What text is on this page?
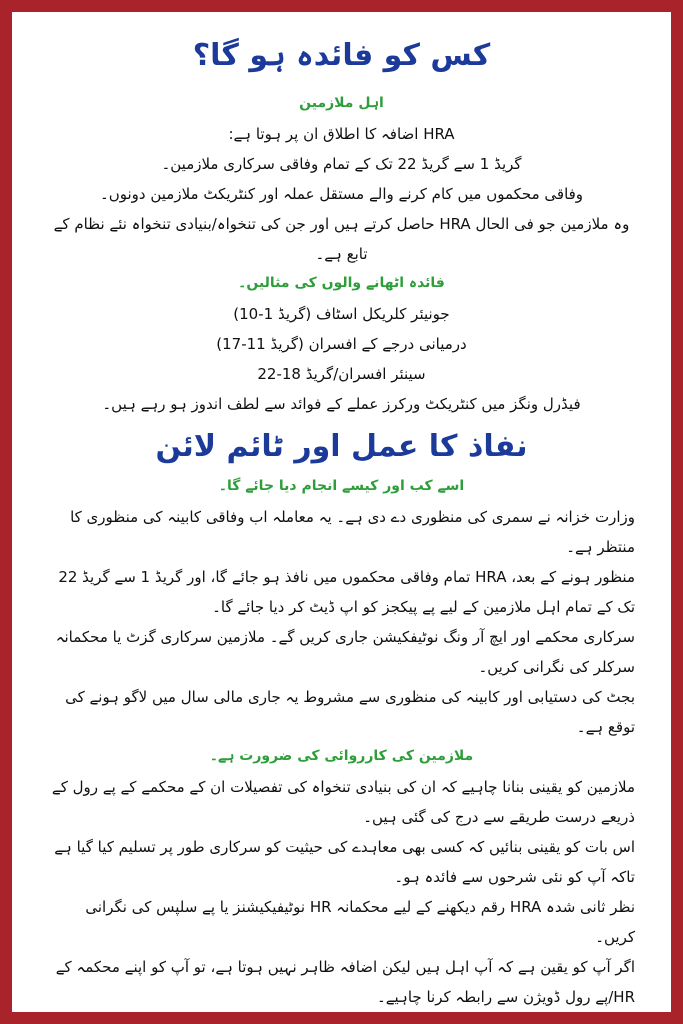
کس کو فائدہ ہو گا؟
اہل ملازمین

HRA اضافہ کا اطلاق ان پر ہوتا ہے:

گریڈ 1 سے گریڈ 22 تک کے تمام وفاقی سرکاری ملازمین۔

وفاقی محکموں میں کام کرنے والے مستقل عملہ اور کنٹریکٹ ملازمین دونوں۔

وہ ملازمین جو فی الحال HRA حاصل کرتے ہیں اور جن کی تنخواہ/بنیادی تنخواہ نئے نظام کے تابع ہے۔

فائدہ اٹھانے والوں کی مثالیں۔

جونیئر کلریکل اسٹاف (گریڈ 1-10)

درمیانی درجے کے افسران (گریڈ 11-17)

سینئر افسران/گریڈ 18-22

فیڈرل ونگز میں کنٹریکٹ ورکرز عملے کے فوائد سے لطف اندوز ہو رہے ہیں۔

نفاذ کا عمل اور ٹائم لائن
اسے کب اور کیسے انجام دیا جائے گا۔

وزارت خزانہ نے سمری کی منظوری دے دی ہے۔ یہ معاملہ اب وفاقی کابینہ کی منظوری کا منتظر ہے۔

منظور ہونے کے بعد، HRA تمام وفاقی محکموں میں نافذ ہو جائے گا، اور گریڈ 1 سے گریڈ 22 تک کے تمام اہل ملازمین کے لیے پے پیکجز کو اپ ڈیٹ کر دیا جائے گا۔

سرکاری محکمے اور ایچ آر ونگ نوٹیفکیشن جاری کریں گے۔ ملازمین سرکاری گزٹ یا محکمانہ سرکلر کی نگرانی کریں۔

بجٹ کی دستیابی اور کابینہ کی منظوری سے مشروط یہ جاری مالی سال میں لاگو ہونے کی توقع ہے۔

ملازمین کی کارروائی کی ضرورت ہے۔

ملازمین کو یقینی بنانا چاہیے کہ ان کی بنیادی تنخواہ کی تفصیلات ان کے محکمے کے پے رول کے ذریعے درست طریقے سے درج کی گئی ہیں۔

اس بات کو یقینی بنائیں کہ کسی بھی معاہدے کی حیثیت کو سرکاری طور پر تسلیم کیا گیا ہے تاکہ آپ کو نئی شرحوں سے فائدہ ہو۔

نظر ثانی شدہ HRA رقم دیکھنے کے لیے محکمانہ HR نوٹیفیکیشنز یا پے سلپس کی نگرانی کریں۔

اگر آپ کو یقین ہے کہ آپ اہل ہیں لیکن اضافہ ظاہر نہیں ہوتا ہے، تو آپ کو اپنے محکمہ کے HR/پے رول ڈویژن سے رابطہ کرنا چاہیے۔
